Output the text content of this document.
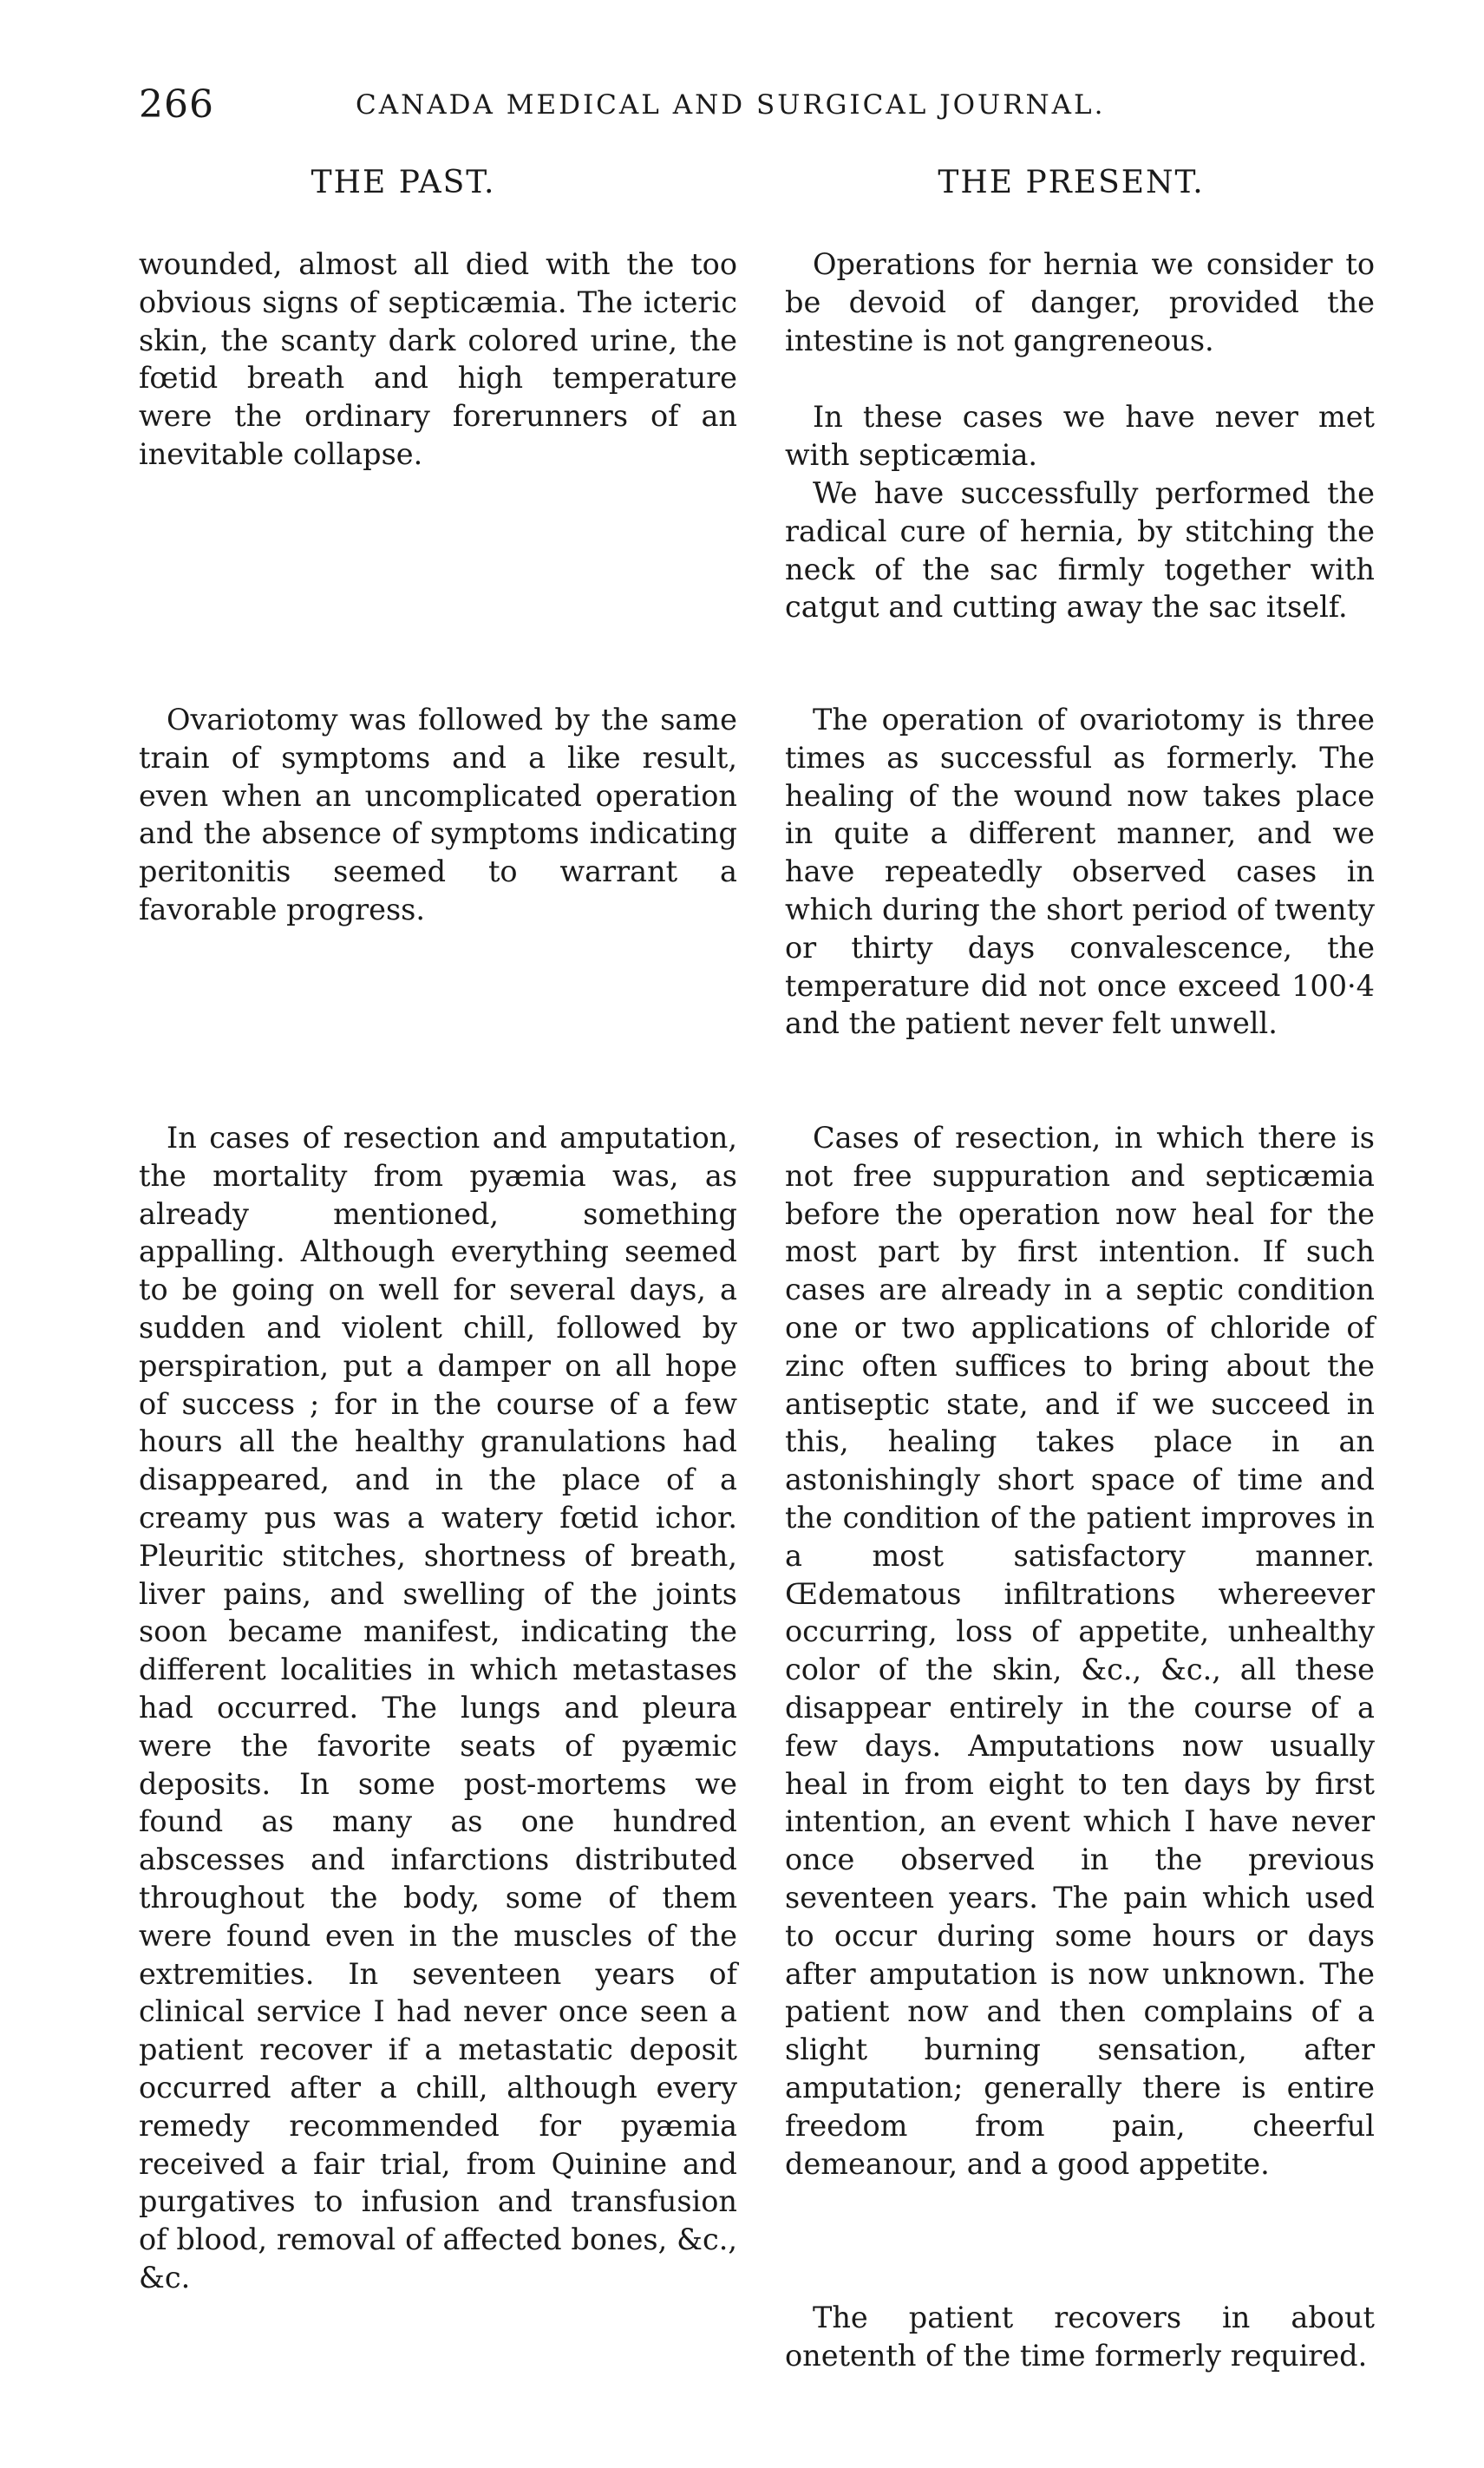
266	CANADA MEDICAL AND SURGICAL JOURNAL.
THE PAST.	THE PRESENT.

wounded, almost all died with the too obvious signs of septicæmia. The icteric skin, the scanty dark colored urine, the fœtid breath and high temperature were the ordinary forerunners of an inevitable collapse.

Ovariotomy was followed by the same train of symptoms and a like result, even when an uncomplicated operation and the absence of symptoms indicating peritonitis seemed to warrant a favorable progress.

In cases of resection and amputation, the mortality from pyæmia was, as already mentioned, something appalling. Although everything seemed to be going on well for several days, a sudden and violent chill, followed by perspiration, put a damper on all hope of success ; for in the course of a few hours all the healthy granulations had disappeared, and in the place of a creamy pus was a watery fœtid ichor. Pleuritic stitches, shortness of breath, liver pains, and swelling of the joints soon became manifest, indicating the different localities in which metastases had occurred. The lungs and pleura were the favorite seats of pyæmic deposits. In some post-mortems we found as many as one hundred abscesses and infarctions distributed throughout the body, some of them were found even in the muscles of the extremities. In seventeen years of clinical service I had never once seen a patient recover if a metastatic deposit occurred after a chill, although every remedy recommended for pyæmia received a fair trial, from Quinine and purgatives to infusion and transfusion of blood, removal of affected bones, &c., &c.

Operations for hernia we consider to be devoid of danger, provided the intestine is not gangreneous.

In these cases we have never met with septicæmia.

We have successfully performed the radical cure of hernia, by stitching the neck of the sac firmly together with catgut and cutting away the sac itself.

The operation of ovariotomy is three times as successful as formerly. The healing of the wound now takes place in quite a different manner, and we have repeatedly observed cases in which during the short period of twenty or thirty days convalescence, the temperature did not once exceed 100·4 and the patient never felt unwell.

Cases of resection, in which there is not free suppuration and septicæmia before the operation now heal for the most part by first intention. If such cases are already in a septic condition one or two applications of chloride of zinc often suffices to bring about the antiseptic state, and if we succeed in this, healing takes place in an astonishingly short space of time and the condition of the patient improves in a most satisfactory manner. Œdematous infiltrations whereever occurring, loss of appetite, unhealthy color of the skin, &c., &c., all these disappear entirely in the course of a few days. Amputations now usually heal in from eight to ten days by first intention, an event which I have never once observed in the previous seventeen years. The pain which used to occur during some hours or days after amputation is now unknown. The patient now and then complains of a slight burning sensation, after amputation; generally there is entire freedom from pain, cheerful demeanour, and a good appetite.

The patient recovers in about onetenth of the time formerly required.
